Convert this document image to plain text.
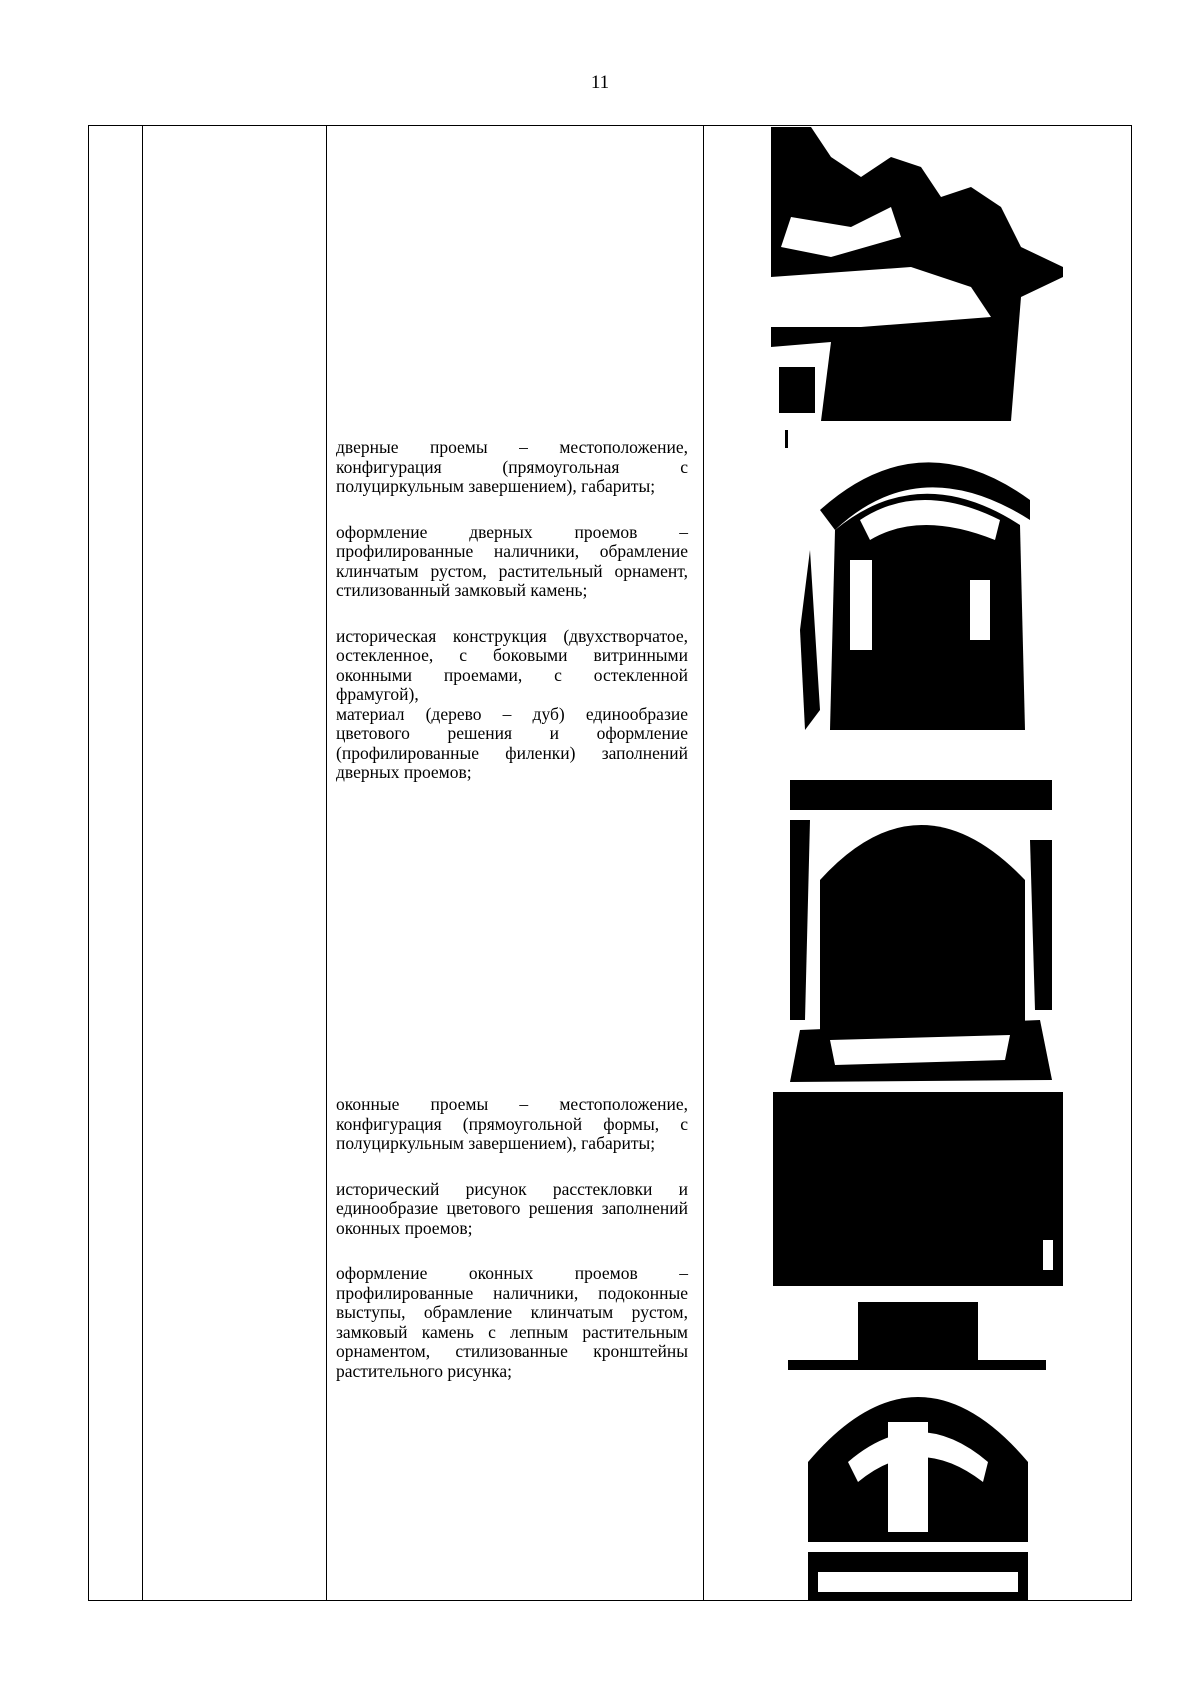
11

дверные проемы – местоположение, конфигурация (прямоугольная с полуциркульным завершением), габариты;

оформление дверных проемов – профилированные наличники, обрамление клинчатым рустом, растительный орнамент, стилизованный замковый камень;

историческая конструкция (двухстворчатое, остекленное, с боковыми витринными оконными проемами, с остекленной фрамугой),

материал (дерево – дуб) единообразие цветового решения и оформление (профилированные филенки) заполнений дверных проемов;

оконные проемы – местоположение, конфигурация (прямоугольной формы, с полуциркульным завершением), габариты;

исторический рисунок расстекловки и единообразие цветового решения заполнений оконных проемов;

оформление оконных проемов – профилированные наличники, подоконные выступы, обрамление клинчатым рустом, замковый камень с лепным растительным орнаментом, стилизованные кронштейны растительного рисунка;
